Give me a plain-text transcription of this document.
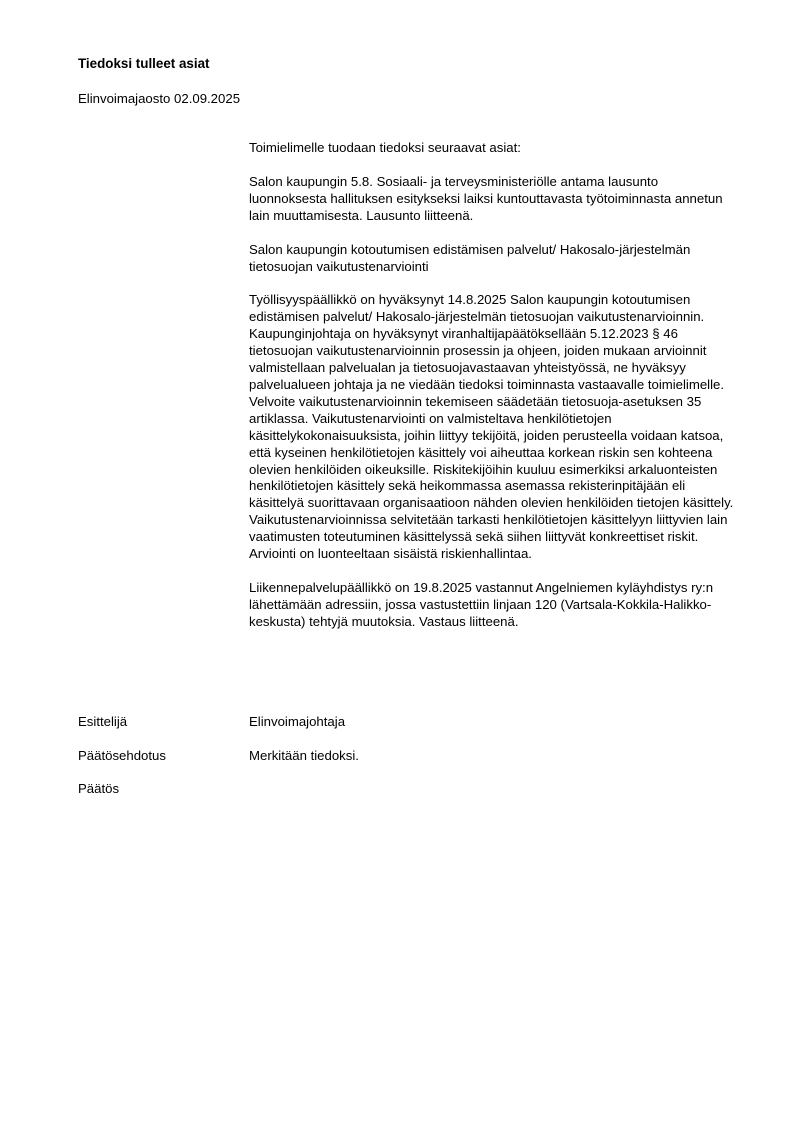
Tiedoksi tulleet asiat

Elinvoimajaosto 02.09.2025

Toimielimelle tuodaan tiedoksi seuraavat asiat:

Salon kaupungin 5.8. Sosiaali- ja terveysministeriölle antama lausunto luonnoksesta hallituksen esitykseksi laiksi kuntouttavasta työtoiminnasta annetun lain muuttamisesta. Lausunto liitteenä.

Salon kaupungin kotoutumisen edistämisen palvelut/ Hakosalo-järjestelmän tietosuojan vaikutustenarviointi

Työllisyyspäällikkö on hyväksynyt 14.8.2025 Salon kaupungin kotoutumisen edistämisen palvelut/ Hakosalo-järjestelmän tietosuojan vaikutustenarvioinnin. Kaupunginjohtaja on hyväksynyt viranhaltijapäätöksellään 5.12.2023 § 46 tietosuojan vaikutustenarvioinnin prosessin ja ohjeen, joiden mukaan arvioinnit valmistellaan palvelualan ja tietosuojavastaavan yhteistyössä, ne hyväksyy palvelualueen johtaja ja ne viedään tiedoksi toiminnasta vastaavalle toimielimelle. Velvoite vaikutustenarvioinnin tekemiseen säädetään tietosuoja-asetuksen 35 artiklassa. Vaikutustenarviointi on valmisteltava henkilötietojen käsittelykokonaisuuksista, joihin liittyy tekijöitä, joiden perusteella voidaan katsoa, että kyseinen henkilötietojen käsittely voi aiheuttaa korkean riskin sen kohteena olevien henkilöiden oikeuksille. Riskitekijöihin kuuluu esimerkiksi arkaluonteisten henkilötietojen käsittely sekä heikommassa asemassa rekisterinpitäjään eli käsittelyä suorittavaan organisaatioon nähden olevien henkilöiden tietojen käsittely. Vaikutustenarvioinnissa selvitetään tarkasti henkilötietojen käsittelyyn liittyvien lain vaatimusten toteutuminen käsittelyssä sekä siihen liittyvät konkreettiset riskit. Arviointi on luonteeltaan sisäistä riskienhallintaa.

Liikennepalvelupäällikkö on 19.8.2025 vastannut Angelniemen kyläyhdistys ry:n lähettämään adressiin, jossa vastustettiin linjaan 120 (Vartsala-Kokkila-Halikko-keskusta) tehtyjä muutoksia. Vastaus liitteenä.

Esittelijä	Elinvoimajohtaja
Päätösehdotus	Merkitään tiedoksi.
Päätös
